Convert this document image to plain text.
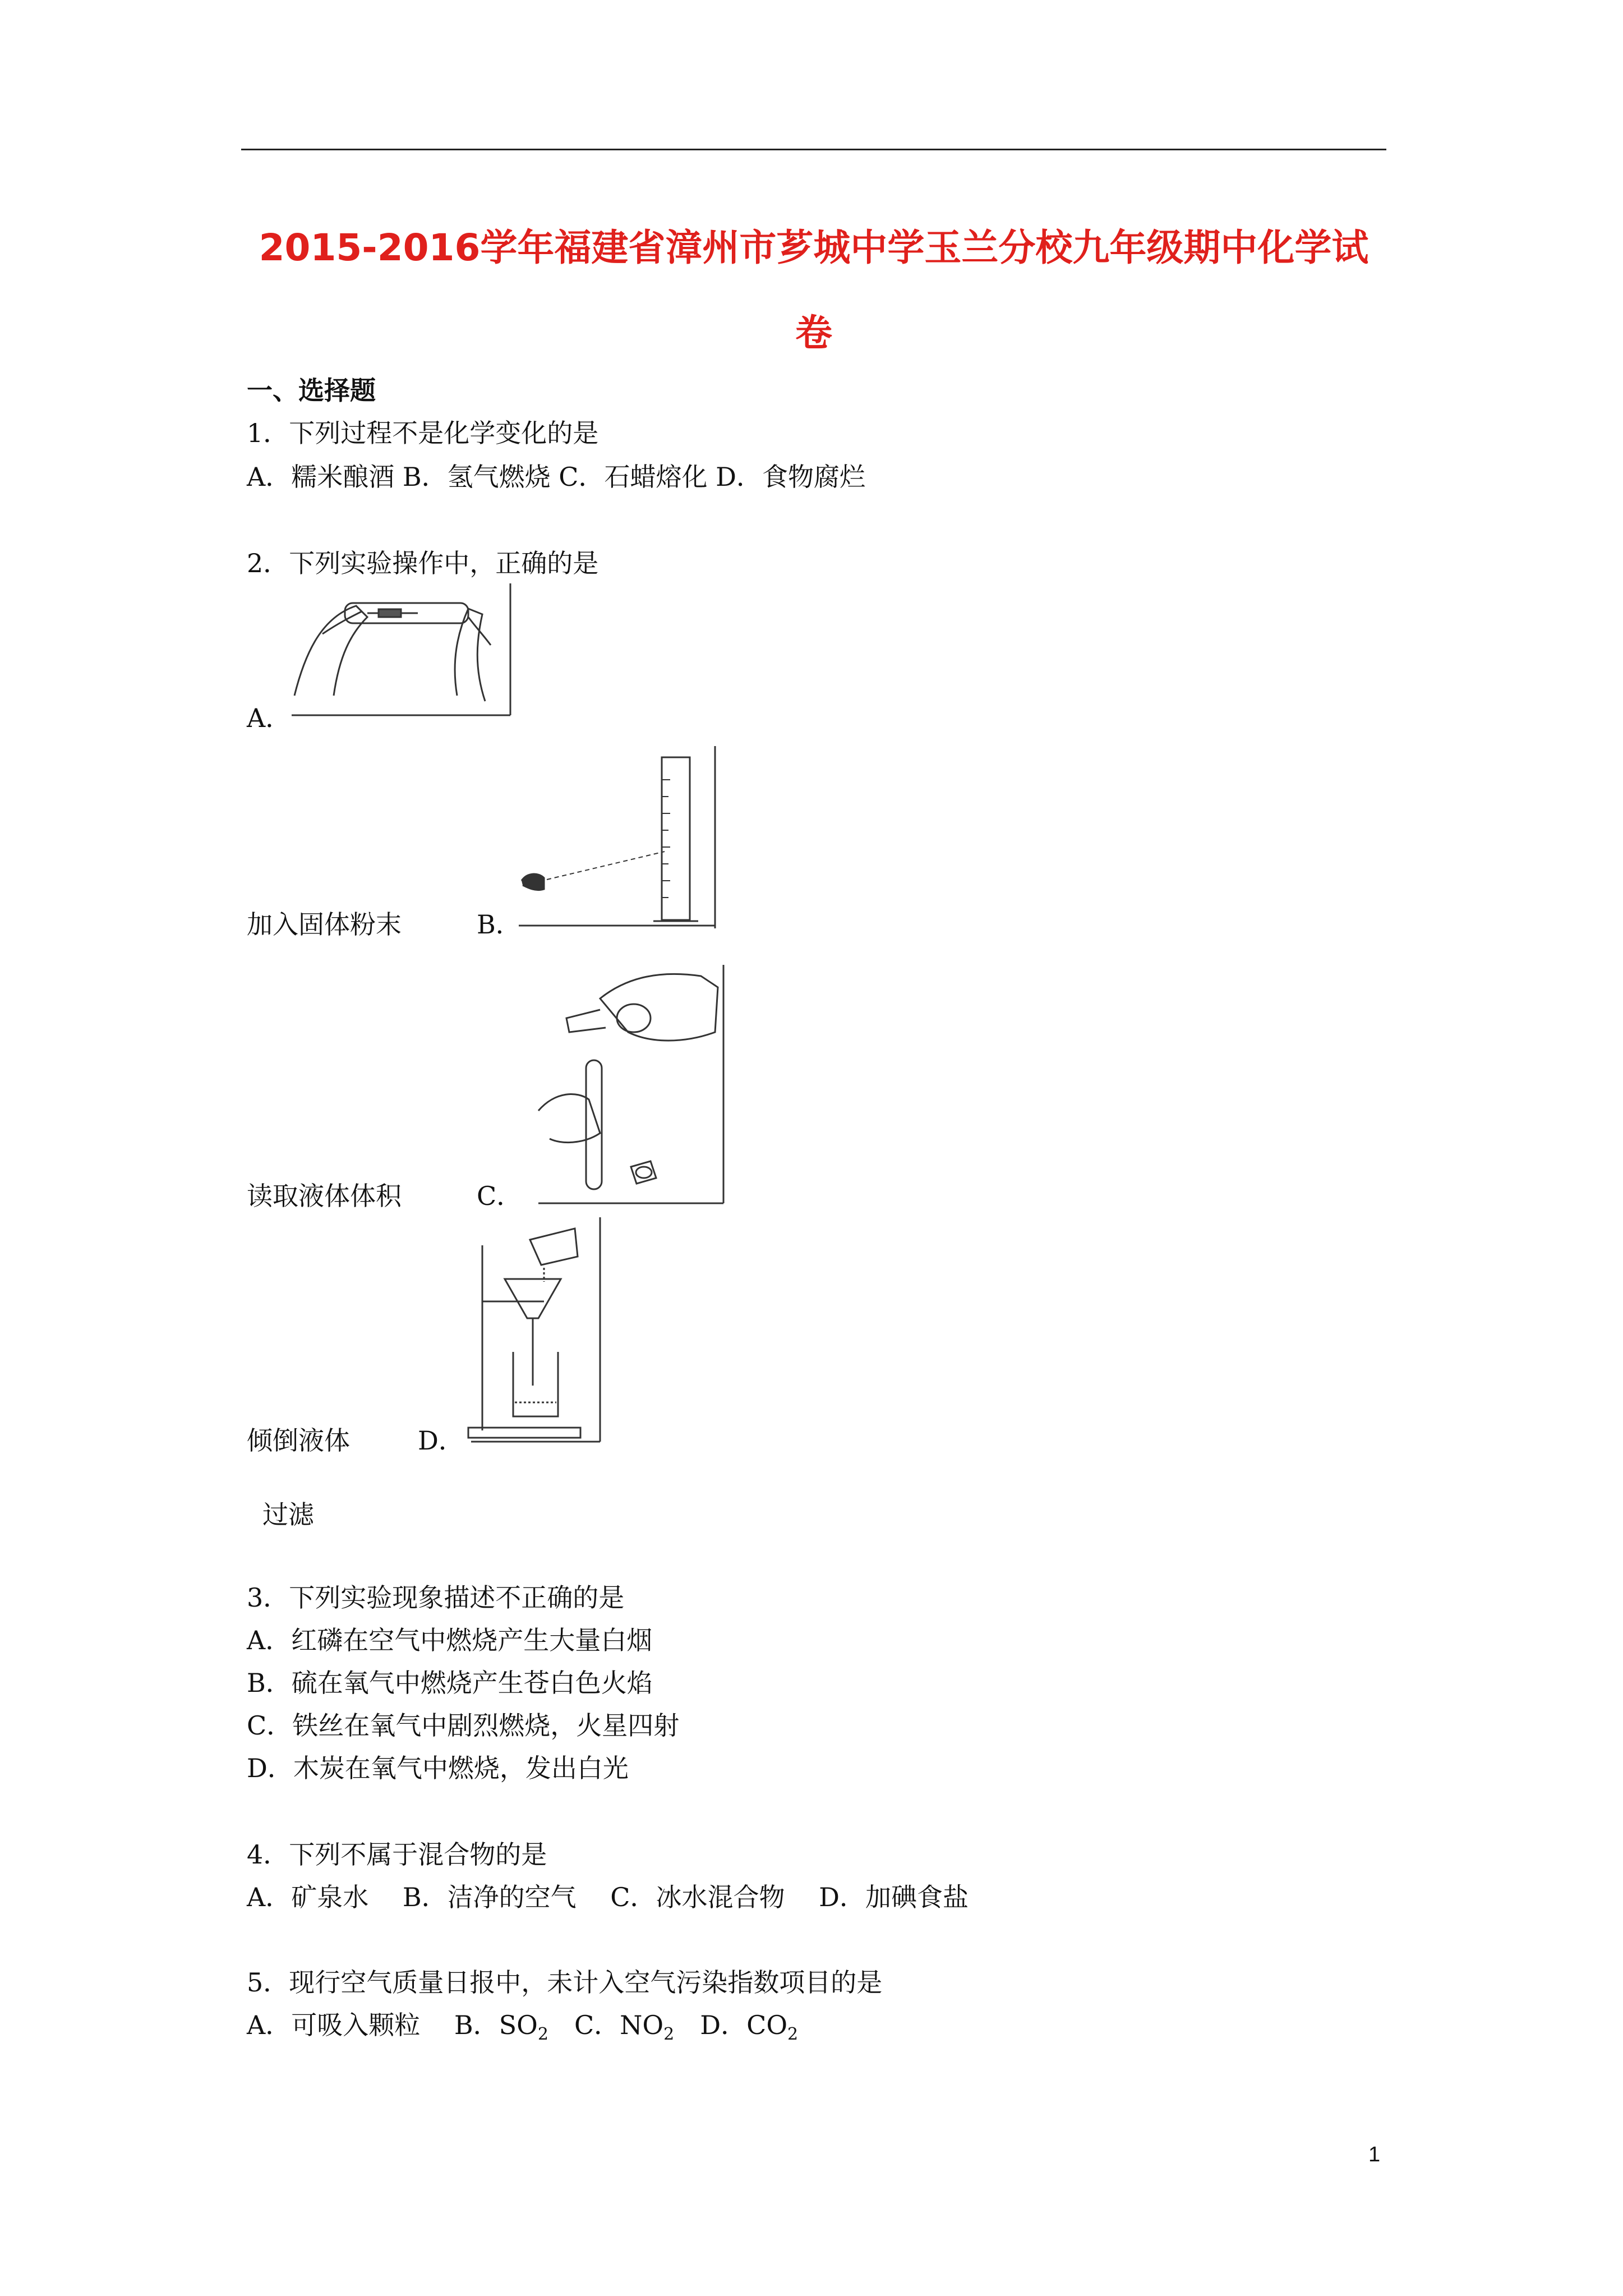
2015-2016学年福建省漳州市芗城中学玉兰分校九年级期中化学试
卷
一、选择题
1．下列过程不是化学变化的是
A．糯米酿酒 B．氢气燃烧 C．石蜡熔化 D．食物腐烂
2．下列实验操作中，正确的是
A．
加入固体粉末	B．
读取液体体积	C．
倾倒液体	D．
过滤
3．下列实验现象描述不正确的是
A．红磷在空气中燃烧产生大量白烟
B．硫在氧气中燃烧产生苍白色火焰
C．铁丝在氧气中剧烈燃烧，火星四射
D．木炭在氧气中燃烧，发出白光
4．下列不属于混合物的是
A．矿泉水　 B．洁净的空气　 C．冰水混合物　 D．加碘食盐
5．现行空气质量日报中，未计入空气污染指数项目的是
A．可吸入颗粒　 B．$SO_2$　 C．$NO_2$　 D．$CO_2$
1
